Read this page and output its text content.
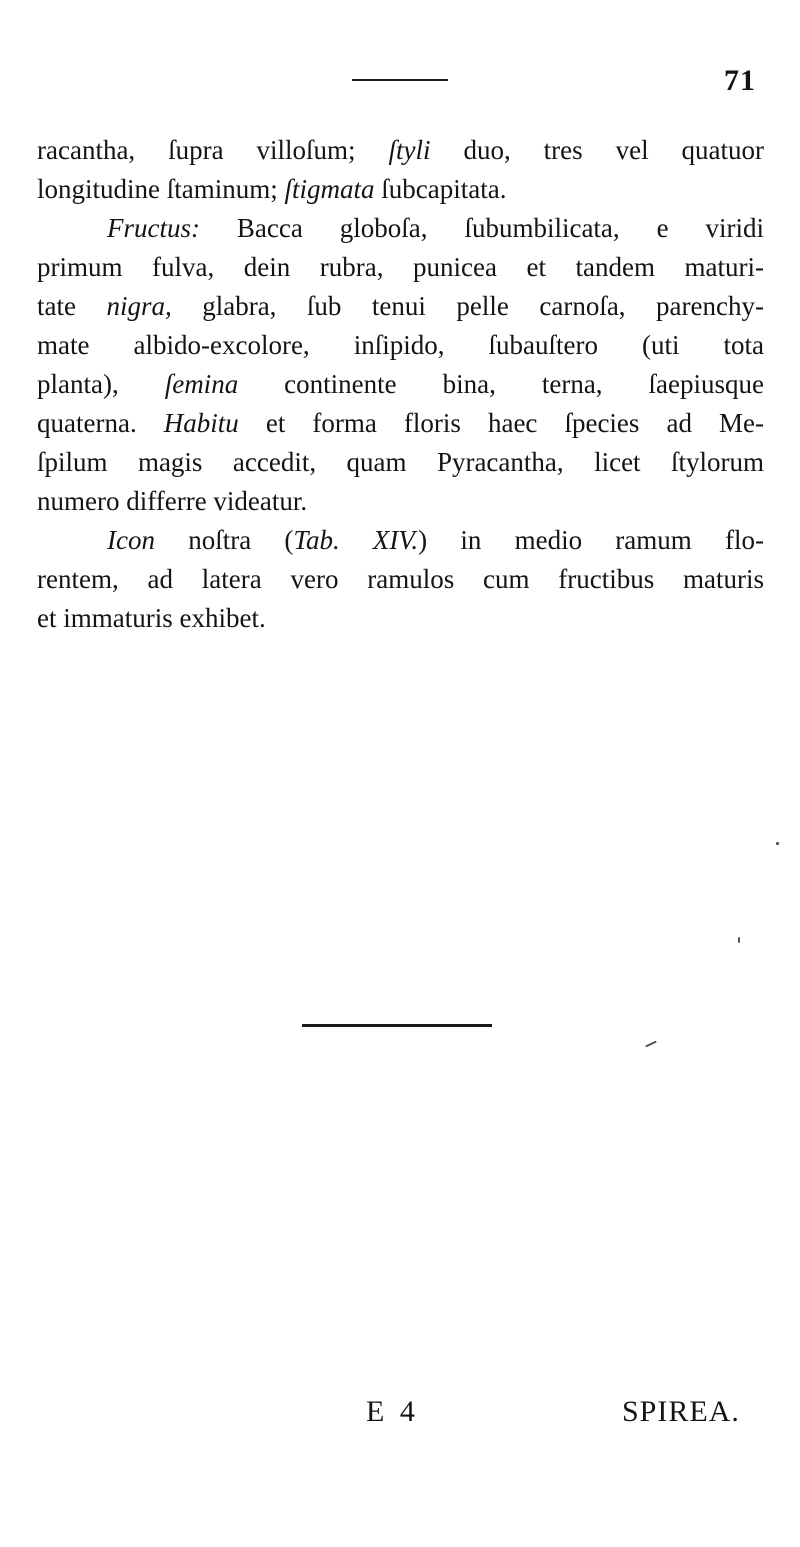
71

racantha, ſupra villoſum; ſtyli duo, tres vel quatuor
longitudine ſtaminum; ſtigmata ſubcapitata.

Fructus: Bacca globoſa, ſubumbilicata, e viridi
primum fulva, dein rubra, punicea et tandem maturi-
tate nigra, glabra, ſub tenui pelle carnoſa, parenchy-
mate albido-excolore, inſipido, ſubauſtero (uti tota
planta), ſemina continente bina, terna, ſaepiusque
quaterna. Habitu et forma floris haec ſpecies ad Me-
ſpilum magis accedit, quam Pyracantha, licet ſtylorum
numero differre videatur.

Icon noſtra (Tab. XIV.) in medio ramum flo-
rentem, ad latera vero ramulos cum fructibus maturis
et immaturis exhibet.

E 4	SPIREA.
